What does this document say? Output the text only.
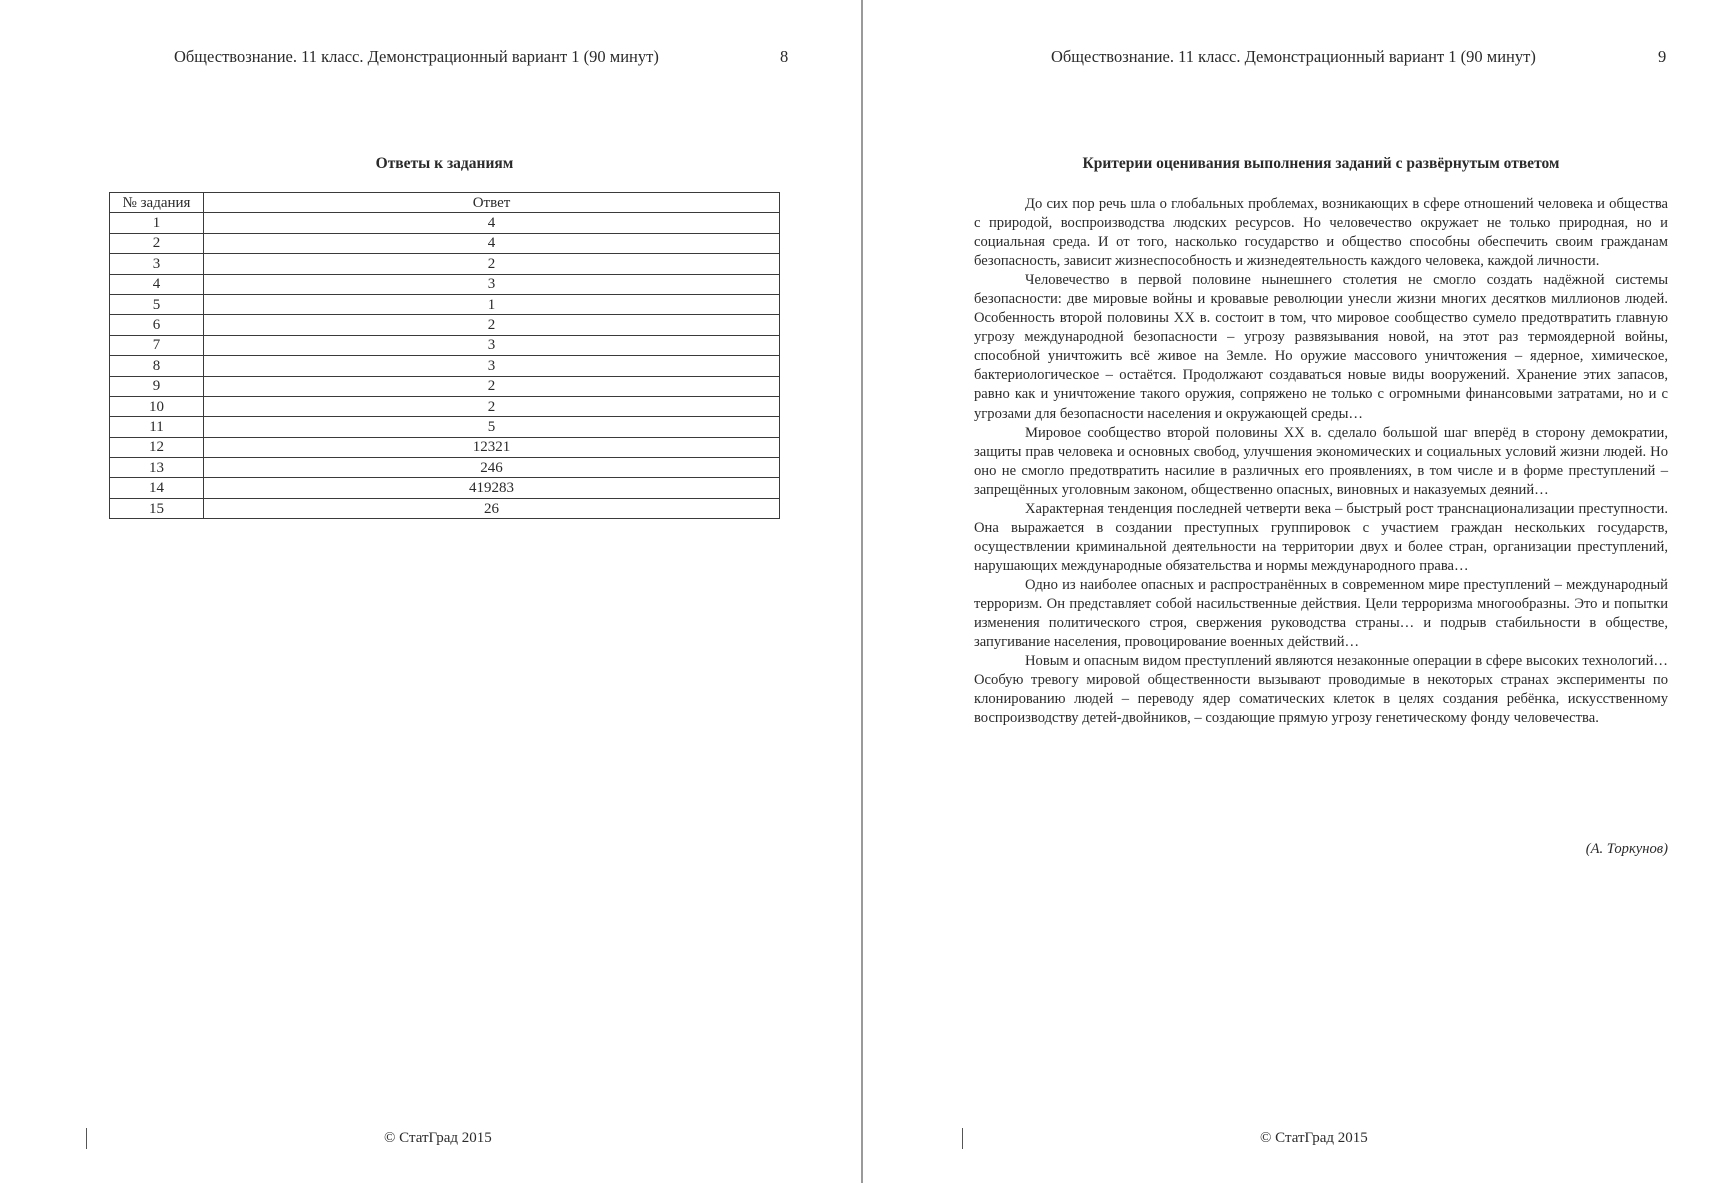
Обществознание. 11 класс. Демонстрационный вариант 1 (90 минут)	8
Ответы к заданиям
№ задания	Ответ
1	4
2	4
3	2
4	3
5	1
6	2
7	3
8	3
9	2
10	2
11	5
12	12321
13	246
14	419283
15	26
© СтатГрад 2015
Обществознание. 11 класс. Демонстрационный вариант 1 (90 минут)	9
Критерии оценивания выполнения заданий с развёрнутым ответом

До сих пор речь шла о глобальных проблемах, возникающих в сфере отношений человека и общества с природой, воспроизводства людских ресурсов. Но человечество окружает не только природная, но и социальная среда. И от того, насколько государство и общество способны обеспечить своим гражданам безопасность, зависит жизнеспособность и жизнедеятельность каждого человека, каждой личности.

Человечество в первой половине нынешнего столетия не смогло создать надёжной системы безопасности: две мировые войны и кровавые революции унесли жизни многих десятков миллионов людей. Особенность второй половины XX в. состоит в том, что мировое сообщество сумело предотвратить главную угрозу международной безопасности – угрозу развязывания новой, на этот раз термоядерной войны, способной уничтожить всё живое на Земле. Но оружие массового уничтожения – ядерное, химическое, бактериологическое – остаётся. Продолжают создаваться новые виды вооружений. Хранение этих запасов, равно как и уничтожение такого оружия, сопряжено не только с огромными финансовыми затратами, но и с угрозами для безопасности населения и окружающей среды…

Мировое сообщество второй половины XX в. сделало большой шаг вперёд в сторону демократии, защиты прав человека и основных свобод, улучшения экономических и социальных условий жизни людей. Но оно не смогло предотвратить насилие в различных его проявлениях, в том числе и в форме преступлений – запрещённых уголовным законом, общественно опасных, виновных и наказуемых деяний…

Характерная тенденция последней четверти века – быстрый рост транснационализации преступности. Она выражается в создании преступных группировок с участием граждан нескольких государств, осуществлении криминальной деятельности на территории двух и более стран, организации преступлений, нарушающих международные обязательства и нормы международного права…

Одно из наиболее опасных и распространённых в современном мире преступлений – международный терроризм. Он представляет собой насильственные действия. Цели терроризма многообразны. Это и попытки изменения политического строя, свержения руководства страны… и подрыв стабильности в обществе, запугивание населения, провоцирование военных действий…

Новым и опасным видом преступлений являются незаконные операции в сфере высоких технологий… Особую тревогу мировой общественности вызывают проводимые в некоторых странах эксперименты по клонированию людей – переводу ядер соматических клеток в целях создания ребёнка, искусственному воспроизводству детей-двойников, – создающие прямую угрозу генетическому фонду человечества.

(А. Торкунов)
© СтатГрад 2015
